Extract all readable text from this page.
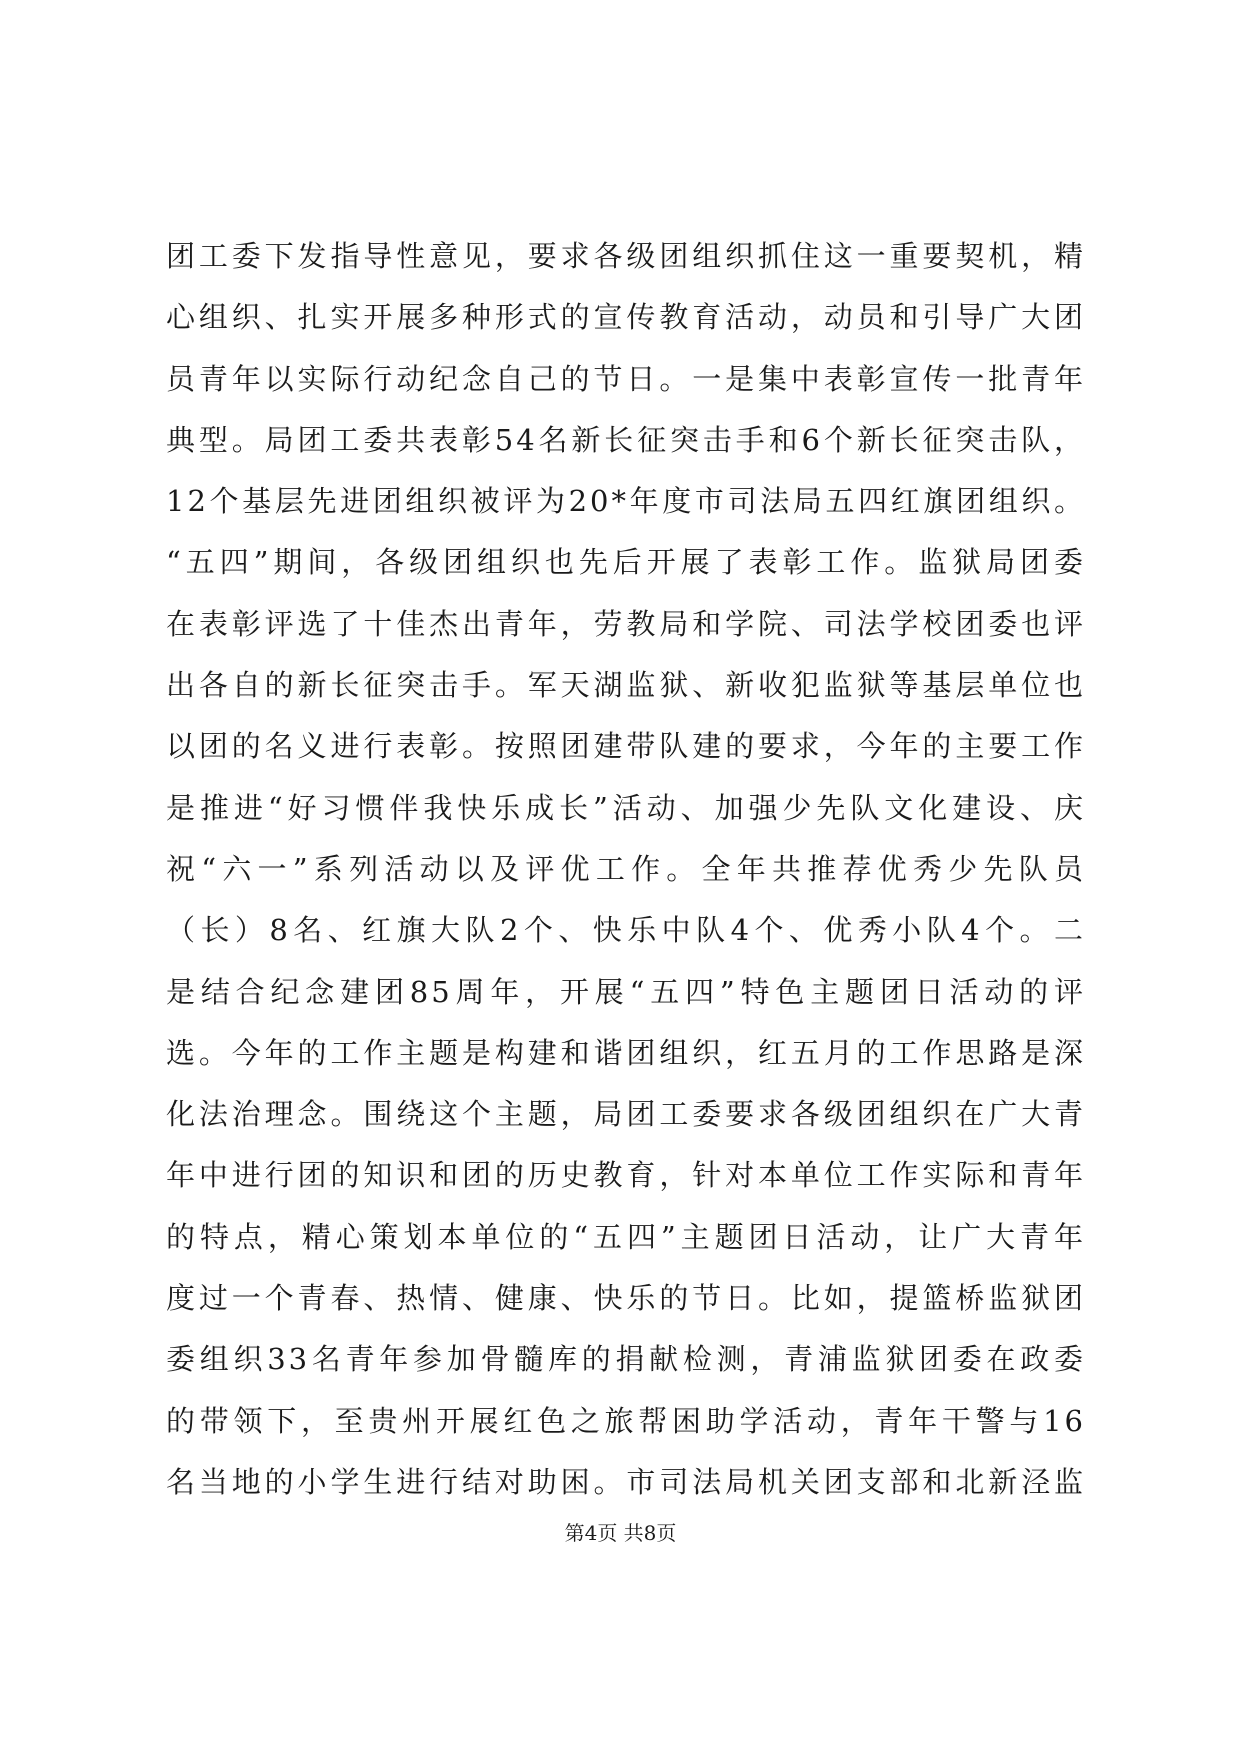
团工委下发指导性意见，要求各级团组织抓住这一重要契机，精
心组织、扎实开展多种形式的宣传教育活动，动员和引导广大团
员青年以实际行动纪念自己的节日。一是集中表彰宣传一批青年
典型。局团工委共表彰54名新长征突击手和6个新长征突击队，
12个基层先进团组织被评为20*年度市司法局五四红旗团组织。
“五四”期间，各级团组织也先后开展了表彰工作。监狱局团委
在表彰评选了十佳杰出青年，劳教局和学院、司法学校团委也评
出各自的新长征突击手。军天湖监狱、新收犯监狱等基层单位也
以团的名义进行表彰。按照团建带队建的要求，今年的主要工作
是推进“好习惯伴我快乐成长”活动、加强少先队文化建设、庆
祝“六一”系列活动以及评优工作。全年共推荐优秀少先队员
（长）8名、红旗大队2个、快乐中队4个、优秀小队4个。二
是结合纪念建团85周年，开展“五四”特色主题团日活动的评
选。今年的工作主题是构建和谐团组织，红五月的工作思路是深
化法治理念。围绕这个主题，局团工委要求各级团组织在广大青
年中进行团的知识和团的历史教育，针对本单位工作实际和青年
的特点，精心策划本单位的“五四”主题团日活动，让广大青年
度过一个青春、热情、健康、快乐的节日。比如，提篮桥监狱团
委组织33名青年参加骨髓库的捐献检测，青浦监狱团委在政委
的带领下，至贵州开展红色之旅帮困助学活动，青年干警与16
名当地的小学生进行结对助困。市司法局机关团支部和北新泾监
第4页 共8页
